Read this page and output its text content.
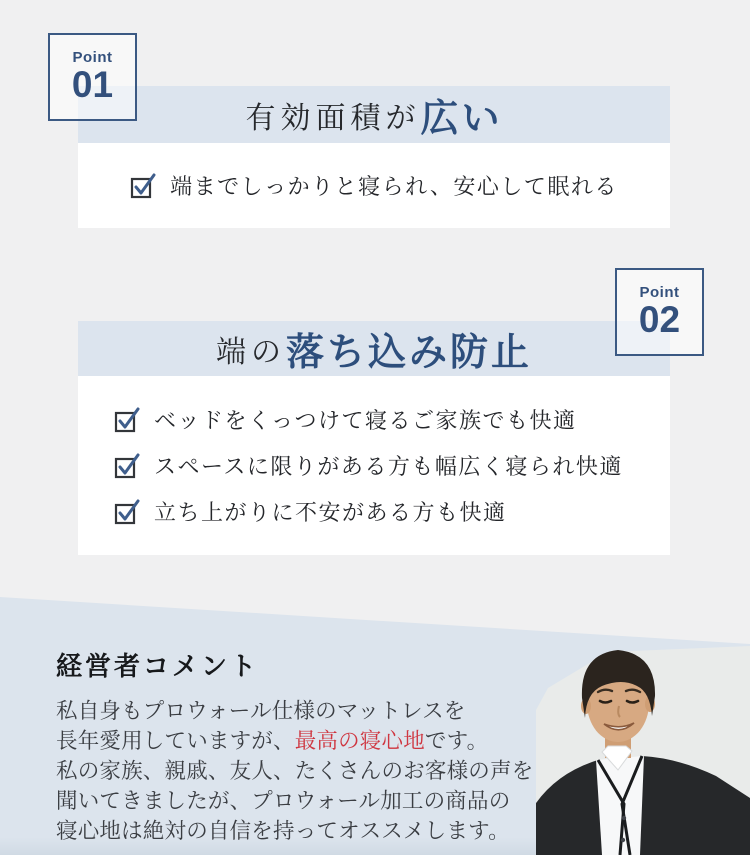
有効面積が 広い
端までしっかりと寝られ、安心して眠れる
Point
01
端の 落ち込み防止
ベッドをくっつけて寝るご家族でも快適
スペースに限りがある方も幅広く寝られ快適
立ち上がりに不安がある方も快適
Point
02
経営者コメント
私自身もプロウォール仕様のマットレスを
長年愛用していますが、最高の寝心地です。
私の家族、親戚、友人、たくさんのお客様の声を
聞いてきましたが、プロウォール加工の商品の
寝心地は絶対の自信を持ってオススメします。
